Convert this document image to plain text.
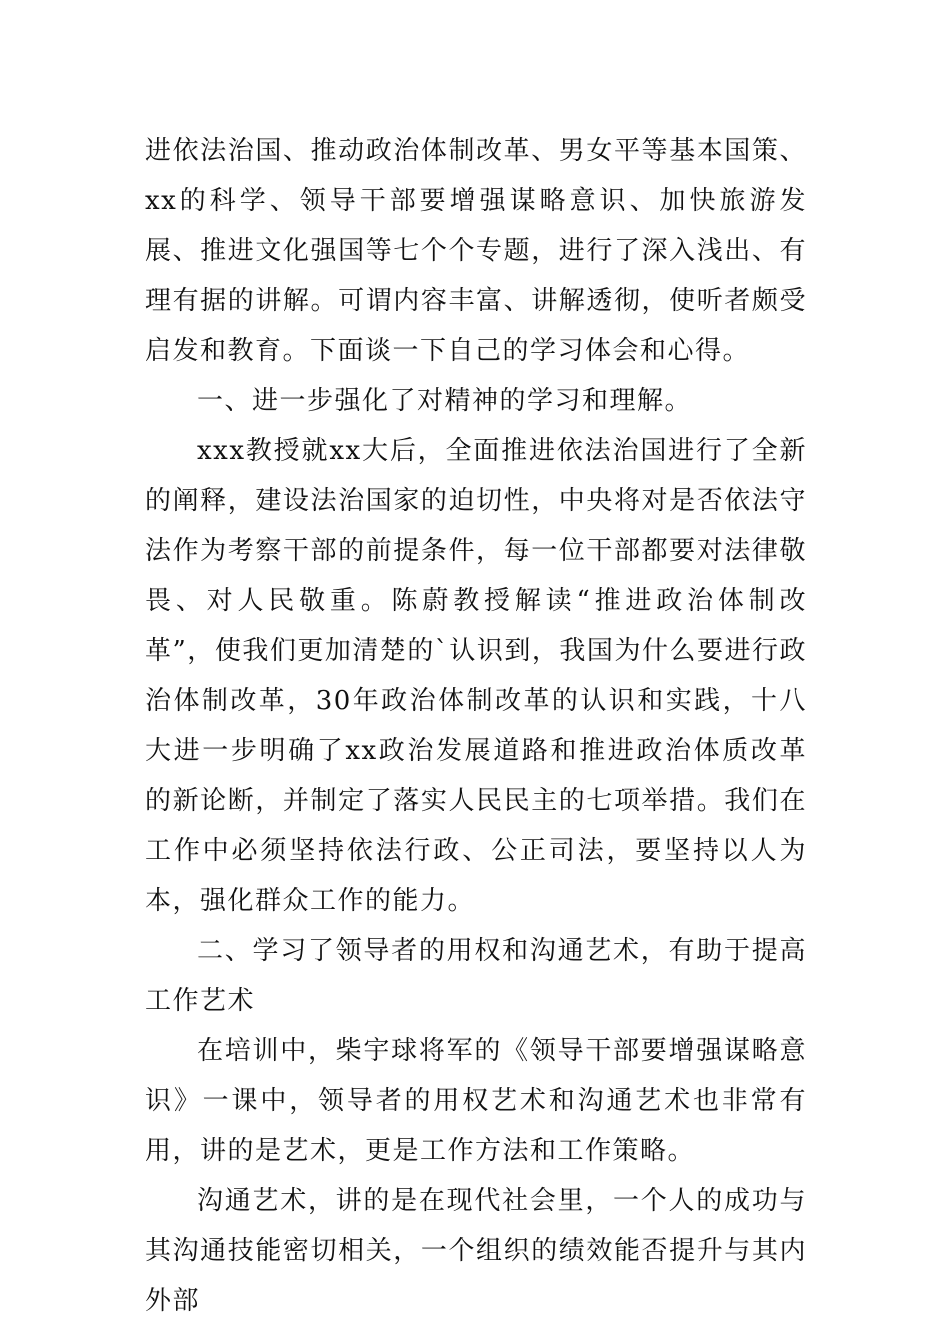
进依法治国、推动政治体制改革、男女平等基本国策、xx的科学、领导干部要增强谋略意识、加快旅游发展、推进文化强国等七个个专题，进行了深入浅出、有理有据的讲解。可谓内容丰富、讲解透彻，使听者颇受启发和教育。下面谈一下自己的学习体会和心得。

一、进一步强化了对精神的学习和理解。

xxx教授就xx大后，全面推进依法治国进行了全新的阐释，建设法治国家的迫切性，中央将对是否依法守法作为考察干部的前提条件，每一位干部都要对法律敬畏、对人民敬重。陈蔚教授解读“推进政治体制改革”，使我们更加清楚的`认识到，我国为什么要进行政治体制改革，30年政治体制改革的认识和实践，十八大进一步明确了xx政治发展道路和推进政治体质改革的新论断，并制定了落实人民民主的七项举措。我们在工作中必须坚持依法行政、公正司法，要坚持以人为本，强化群众工作的能力。

二、学习了领导者的用权和沟通艺术，有助于提高工作艺术

在培训中，柴宇球将军的《领导干部要增强谋略意识》一课中，领导者的用权艺术和沟通艺术也非常有用，讲的是艺术，更是工作方法和工作策略。

沟通艺术，讲的是在现代社会里，一个人的成功与其沟通技能密切相关，一个组织的绩效能否提升与其内外部
